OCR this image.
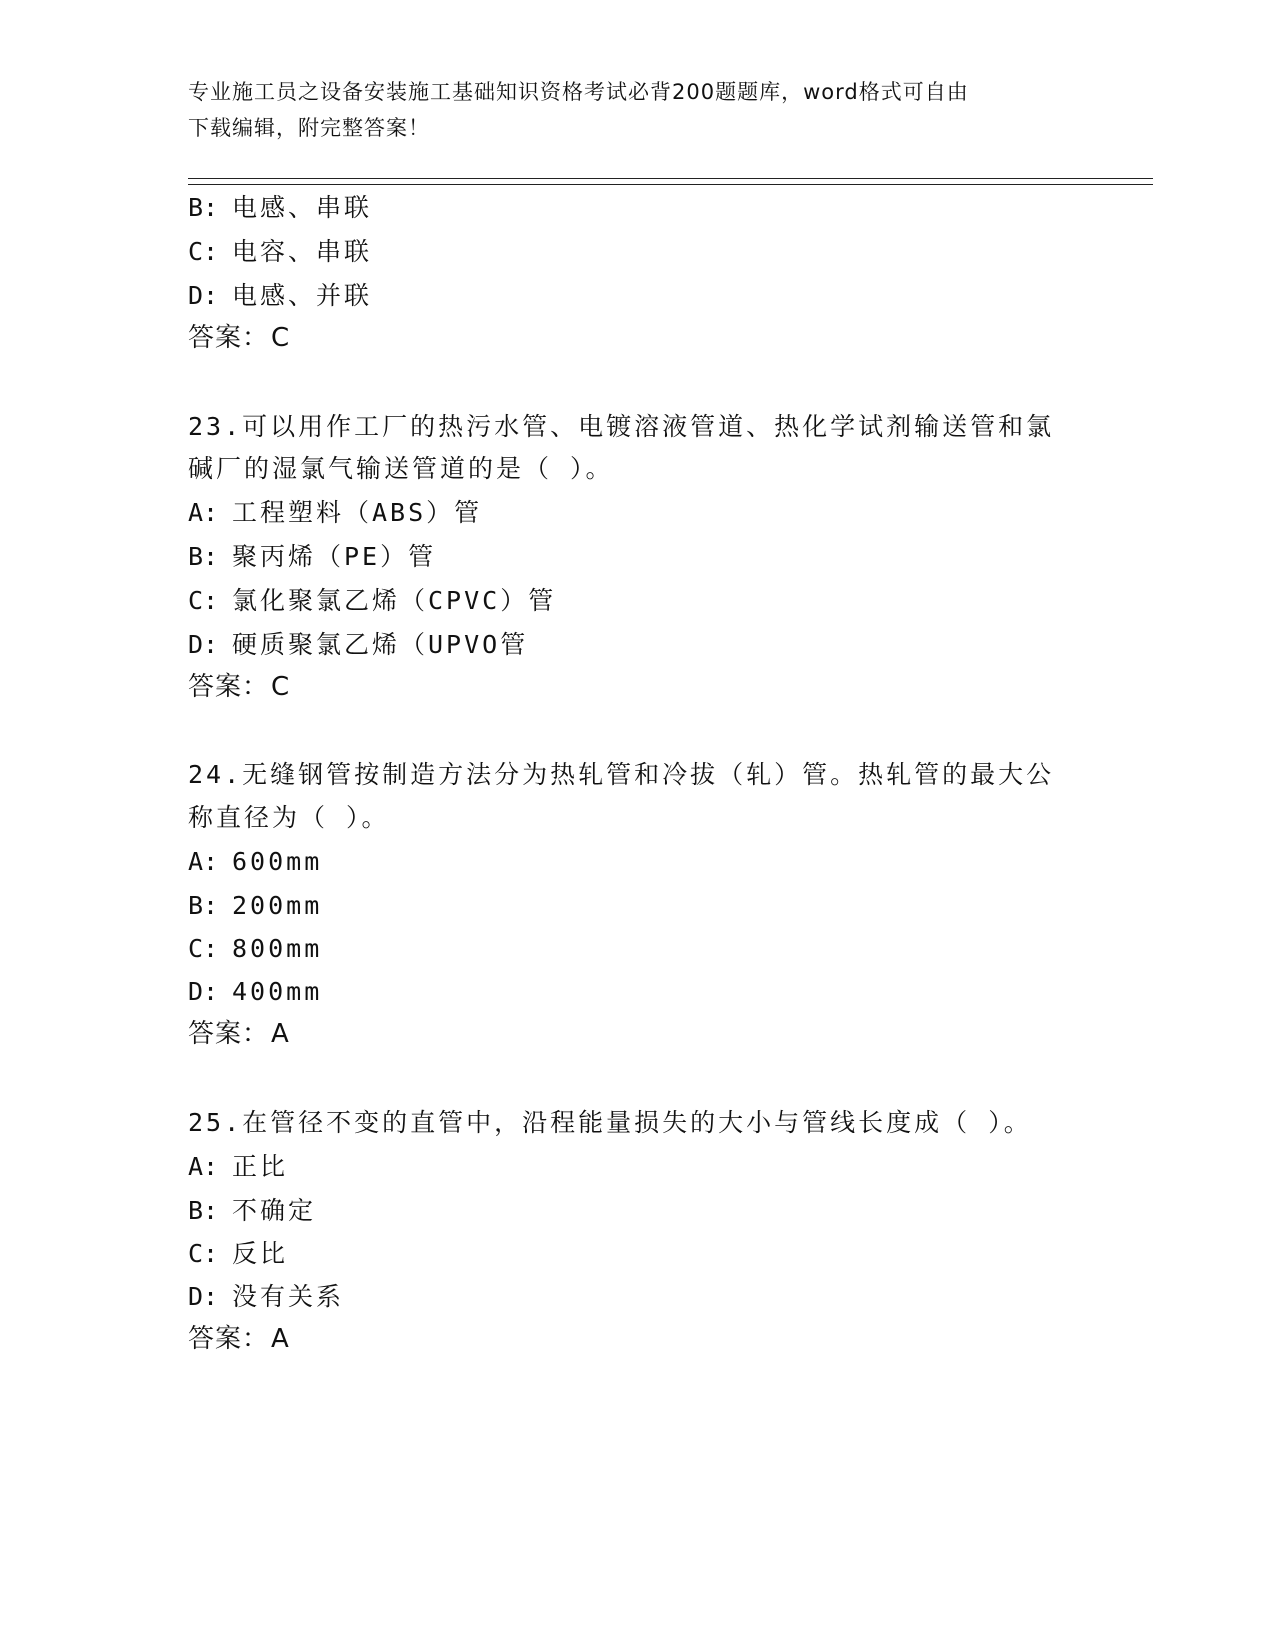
专业施工员之设备安装施工基础知识资格考试必背200题题库，word格式可自由
下载编辑，附完整答案！
B: 电感、串联
C: 电容、串联
D: 电感、并联
答案：C
23.可以用作工厂的热污水管、电镀溶液管道、热化学试剂输送管和氯
碱厂的湿氯气输送管道的是（ ）。
A: 工程塑料（ABS）管
B: 聚丙烯（PE）管
C: 氯化聚氯乙烯（CPVC）管
D: 硬质聚氯乙烯（UPVO管
答案：C
24.无缝钢管按制造方法分为热轧管和冷拔（轧）管。热轧管的最大公
称直径为（ ）。
A: 600mm
B: 200mm
C: 800mm
D: 400mm
答案：A
25.在管径不变的直管中，沿程能量损失的大小与管线长度成（ ）。
A: 正比
B: 不确定
C: 反比
D: 没有关系
答案：A
